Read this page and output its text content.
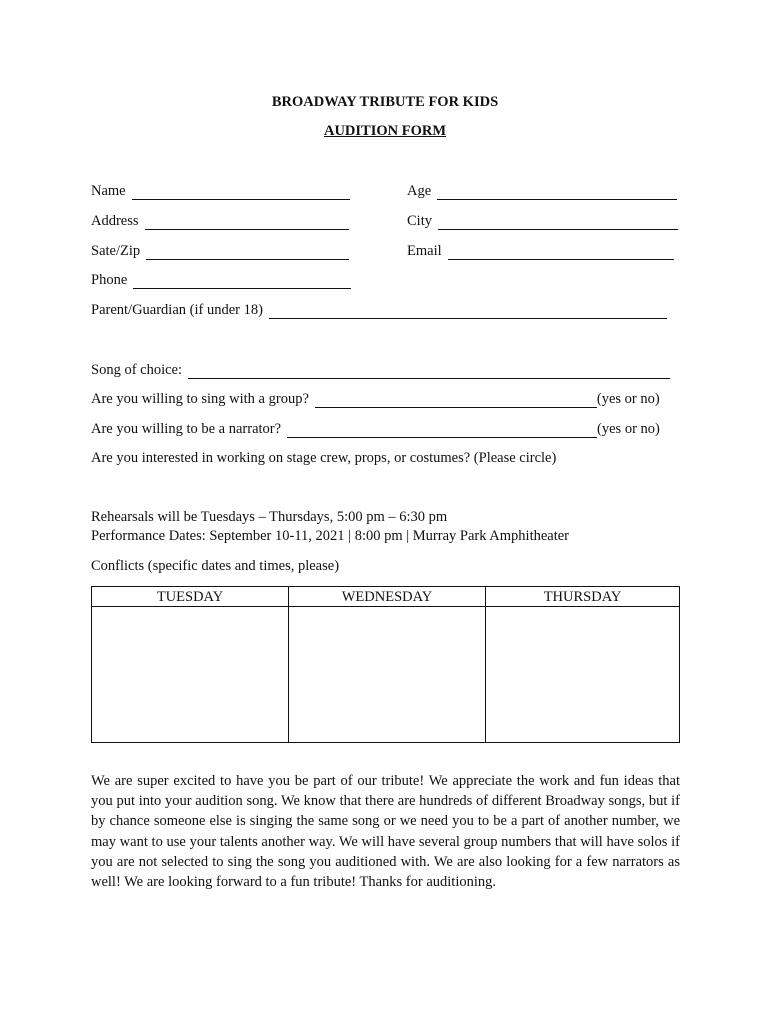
BROADWAY TRIBUTE FOR KIDS
AUDITION FORM
Name	Age
Address	City
Sate/Zip	Email
Phone
Parent/Guardian (if under 18)
Song of choice:
Are you willing to sing with a group?	(yes or no)
Are you willing to be a narrator?	(yes or no)
Are you interested in working on stage crew, props, or costumes? (Please circle)
Rehearsals will be Tuesdays – Thursdays, 5:00 pm – 6:30 pm
Performance Dates: September 10-11, 2021 | 8:00 pm | Murray Park Amphitheater
Conflicts (specific dates and times, please)
TUESDAY	WEDNESDAY	THURSDAY

We are super excited to have you be part of our tribute! We appreciate the work and fun ideas that you put into your audition song. We know that there are hundreds of different Broadway songs, but if by chance someone else is singing the same song or we need you to be a part of another number, we may want to use your talents another way. We will have several group numbers that will have solos if you are not selected to sing the song you auditioned with. We are also looking for a few narrators as well! We are looking forward to a fun tribute! Thanks for auditioning.
